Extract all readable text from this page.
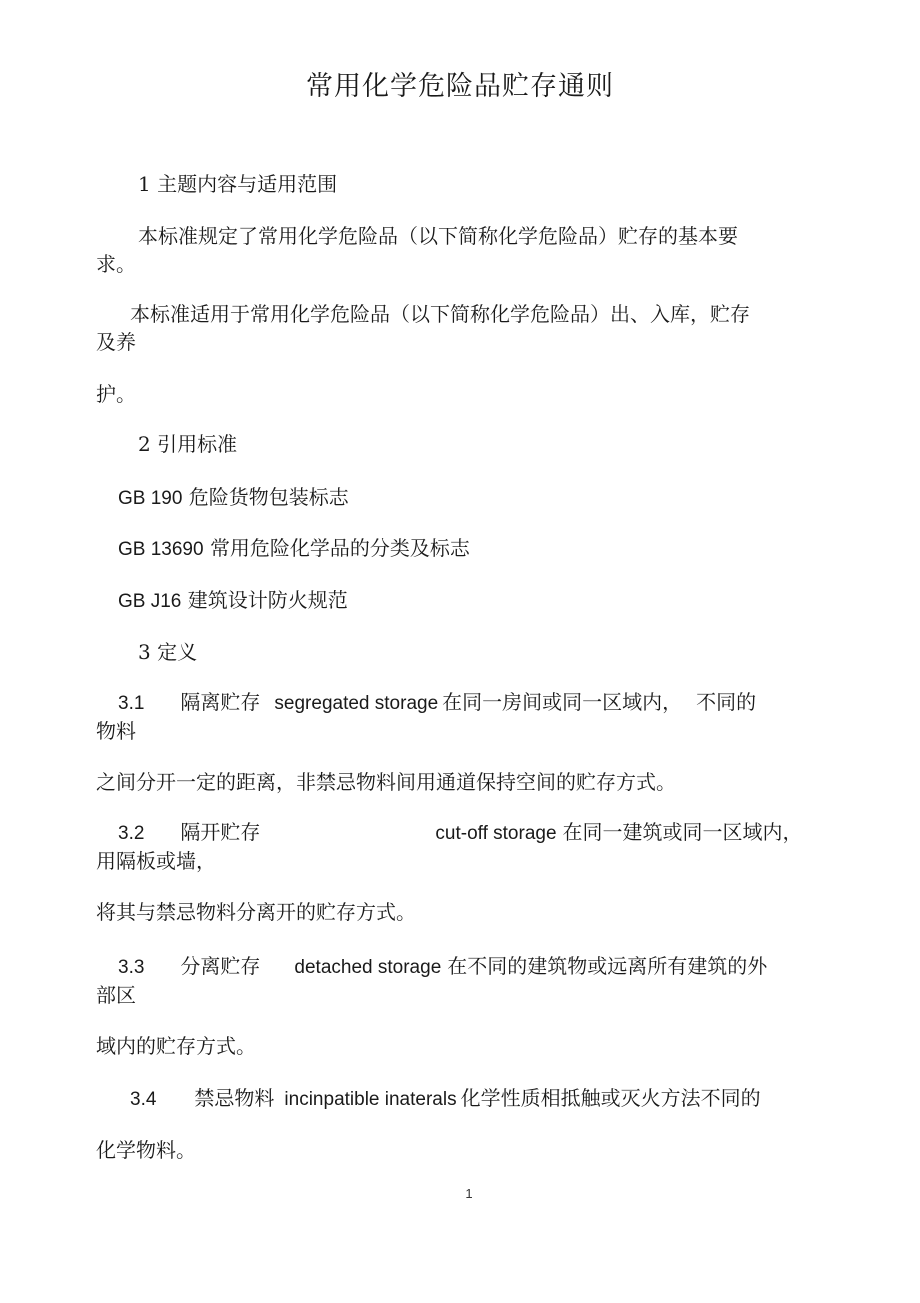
常用化学危险品贮存通则
1 主题内容与适用范围
本标准规定了常用化学危险品（以下简称化学危险品）贮存的基本要
求。
本标准适用于常用化学危险品（以下简称化学危险品）出、入库，贮存
及养
护。
2 引用标准
GB 190 危险货物包装标志
GB 13690 常用危险化学品的分类及标志
GB J16 建筑设计防火规范
3 定义
3.1 隔离贮存 segregated storage 在同一房间或同一区域内， 不同的
物料
之间分开一定的距离，非禁忌物料间用通道保持空间的贮存方式。
3.2 隔开贮存	cut-off storage 在同一建筑或同一区域内，
用隔板或墙，
将其与禁忌物料分离开的贮存方式。
3.3 分离贮存 detached storage 在不同的建筑物或远离所有建筑的外
部区
域内的贮存方式。
3.4 禁忌物料 incinpatible inaterals 化学性质相抵触或灭火方法不同的
化学物料。
1
